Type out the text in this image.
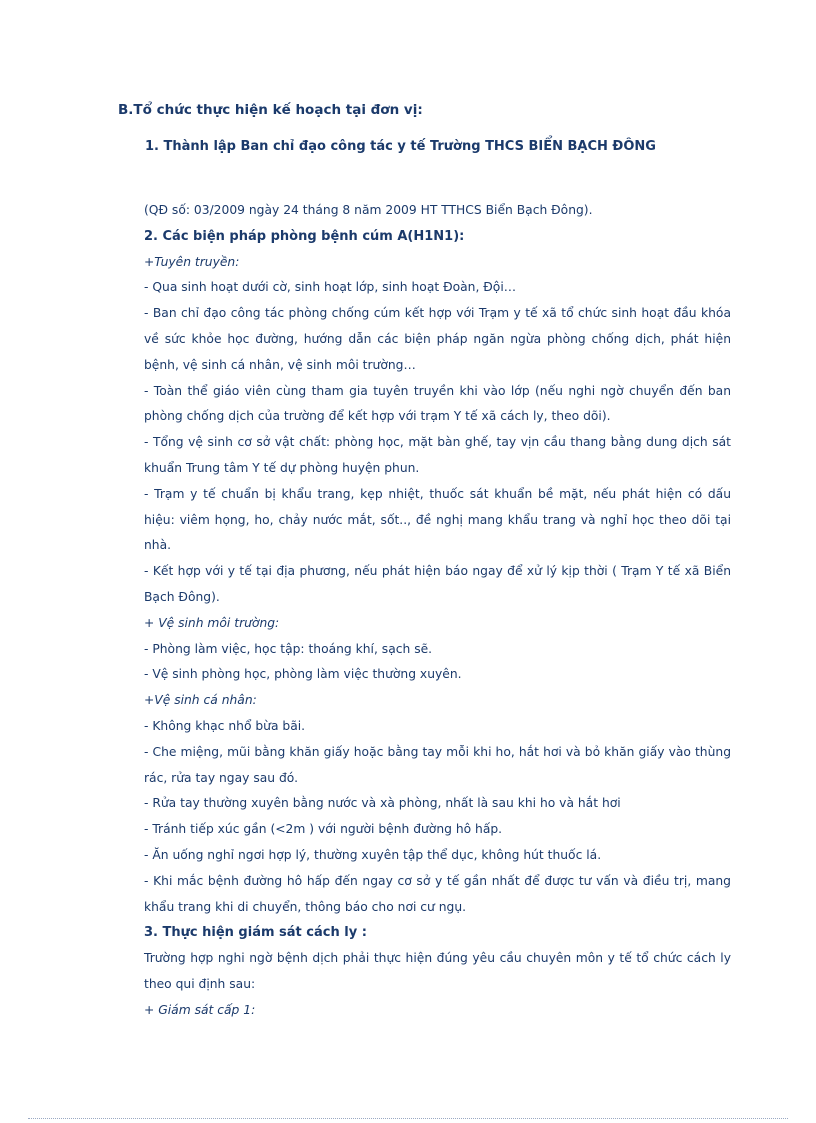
B.Tổ chức thực hiện kế hoạch tại đơn vị:
1. Thành lập Ban chỉ đạo công tác y tế Trường THCS BIỂN BẠCH ĐÔNG

(QĐ số: 03/2009 ngày 24 tháng 8 năm 2009 HT TTHCS Biển Bạch Đông).

2. Các biện pháp phòng bệnh cúm A(H1N1):

+Tuyên truyền:

- Qua sinh hoạt dưới cờ, sinh hoạt lớp, sinh hoạt Đoàn, Đội…

- Ban chỉ đạo công tác phòng chống cúm kết hợp với Trạm y tế xã tổ chức sinh hoạt đầu khóa về sức khỏe học đường, hướng dẫn các biện pháp ngăn ngừa phòng chống dịch, phát hiện bệnh, vệ sinh cá nhân, vệ sinh môi trường…

- Toàn thể giáo viên cùng tham gia tuyên truyền khi vào lớp (nếu nghi ngờ chuyển đến ban phòng chống dịch của trường để kết hợp với trạm Y tế xã cách ly, theo dõi).

- Tổng vệ sinh cơ sở vật chất: phòng học, mặt bàn ghế, tay vịn cầu thang bằng dung dịch sát khuẩn Trung tâm Y tế dự phòng huyện phun.

- Trạm y tế chuẩn bị khẩu trang, kẹp nhiệt, thuốc sát khuẩn bề mặt, nếu phát hiện có dấu hiệu: viêm họng, ho, chảy nước mắt, sốt.., đề nghị mang khẩu trang và nghỉ học theo dõi tại nhà.

- Kết hợp với y tế tại địa phương, nếu phát hiện báo ngay để xử lý kịp thời ( Trạm Y tế xã Biển Bạch Đông).

+ Vệ sinh môi trường:

- Phòng làm việc, học tập: thoáng khí, sạch sẽ.

- Vệ sinh phòng học, phòng làm việc thường xuyên.

+Vệ sinh cá nhân:

- Không khạc nhổ bừa bãi.

- Che miệng, mũi bằng khăn giấy hoặc bằng tay mỗi khi ho, hắt hơi và bỏ khăn giấy vào thùng rác, rửa tay ngay sau đó.

- Rửa tay thường xuyên bằng nước và xà phòng, nhất là sau khi ho và hắt hơi

- Tránh tiếp xúc gần (<2m ) với người bệnh đường hô hấp.

- Ăn uống nghỉ ngơi hợp lý, thường xuyên tập thể dục, không hút thuốc lá.

- Khi mắc bệnh đường hô hấp đến ngay cơ sở y tế gần nhất để được tư vấn và điều trị, mang khẩu trang khi di chuyển, thông báo cho nơi cư ngụ.

3. Thực hiện giám sát cách ly :

Trường hợp nghi ngờ bệnh dịch phải thực hiện đúng yêu cầu chuyên môn y tế tổ chức cách ly theo qui định sau:

+ Giám sát cấp 1:
